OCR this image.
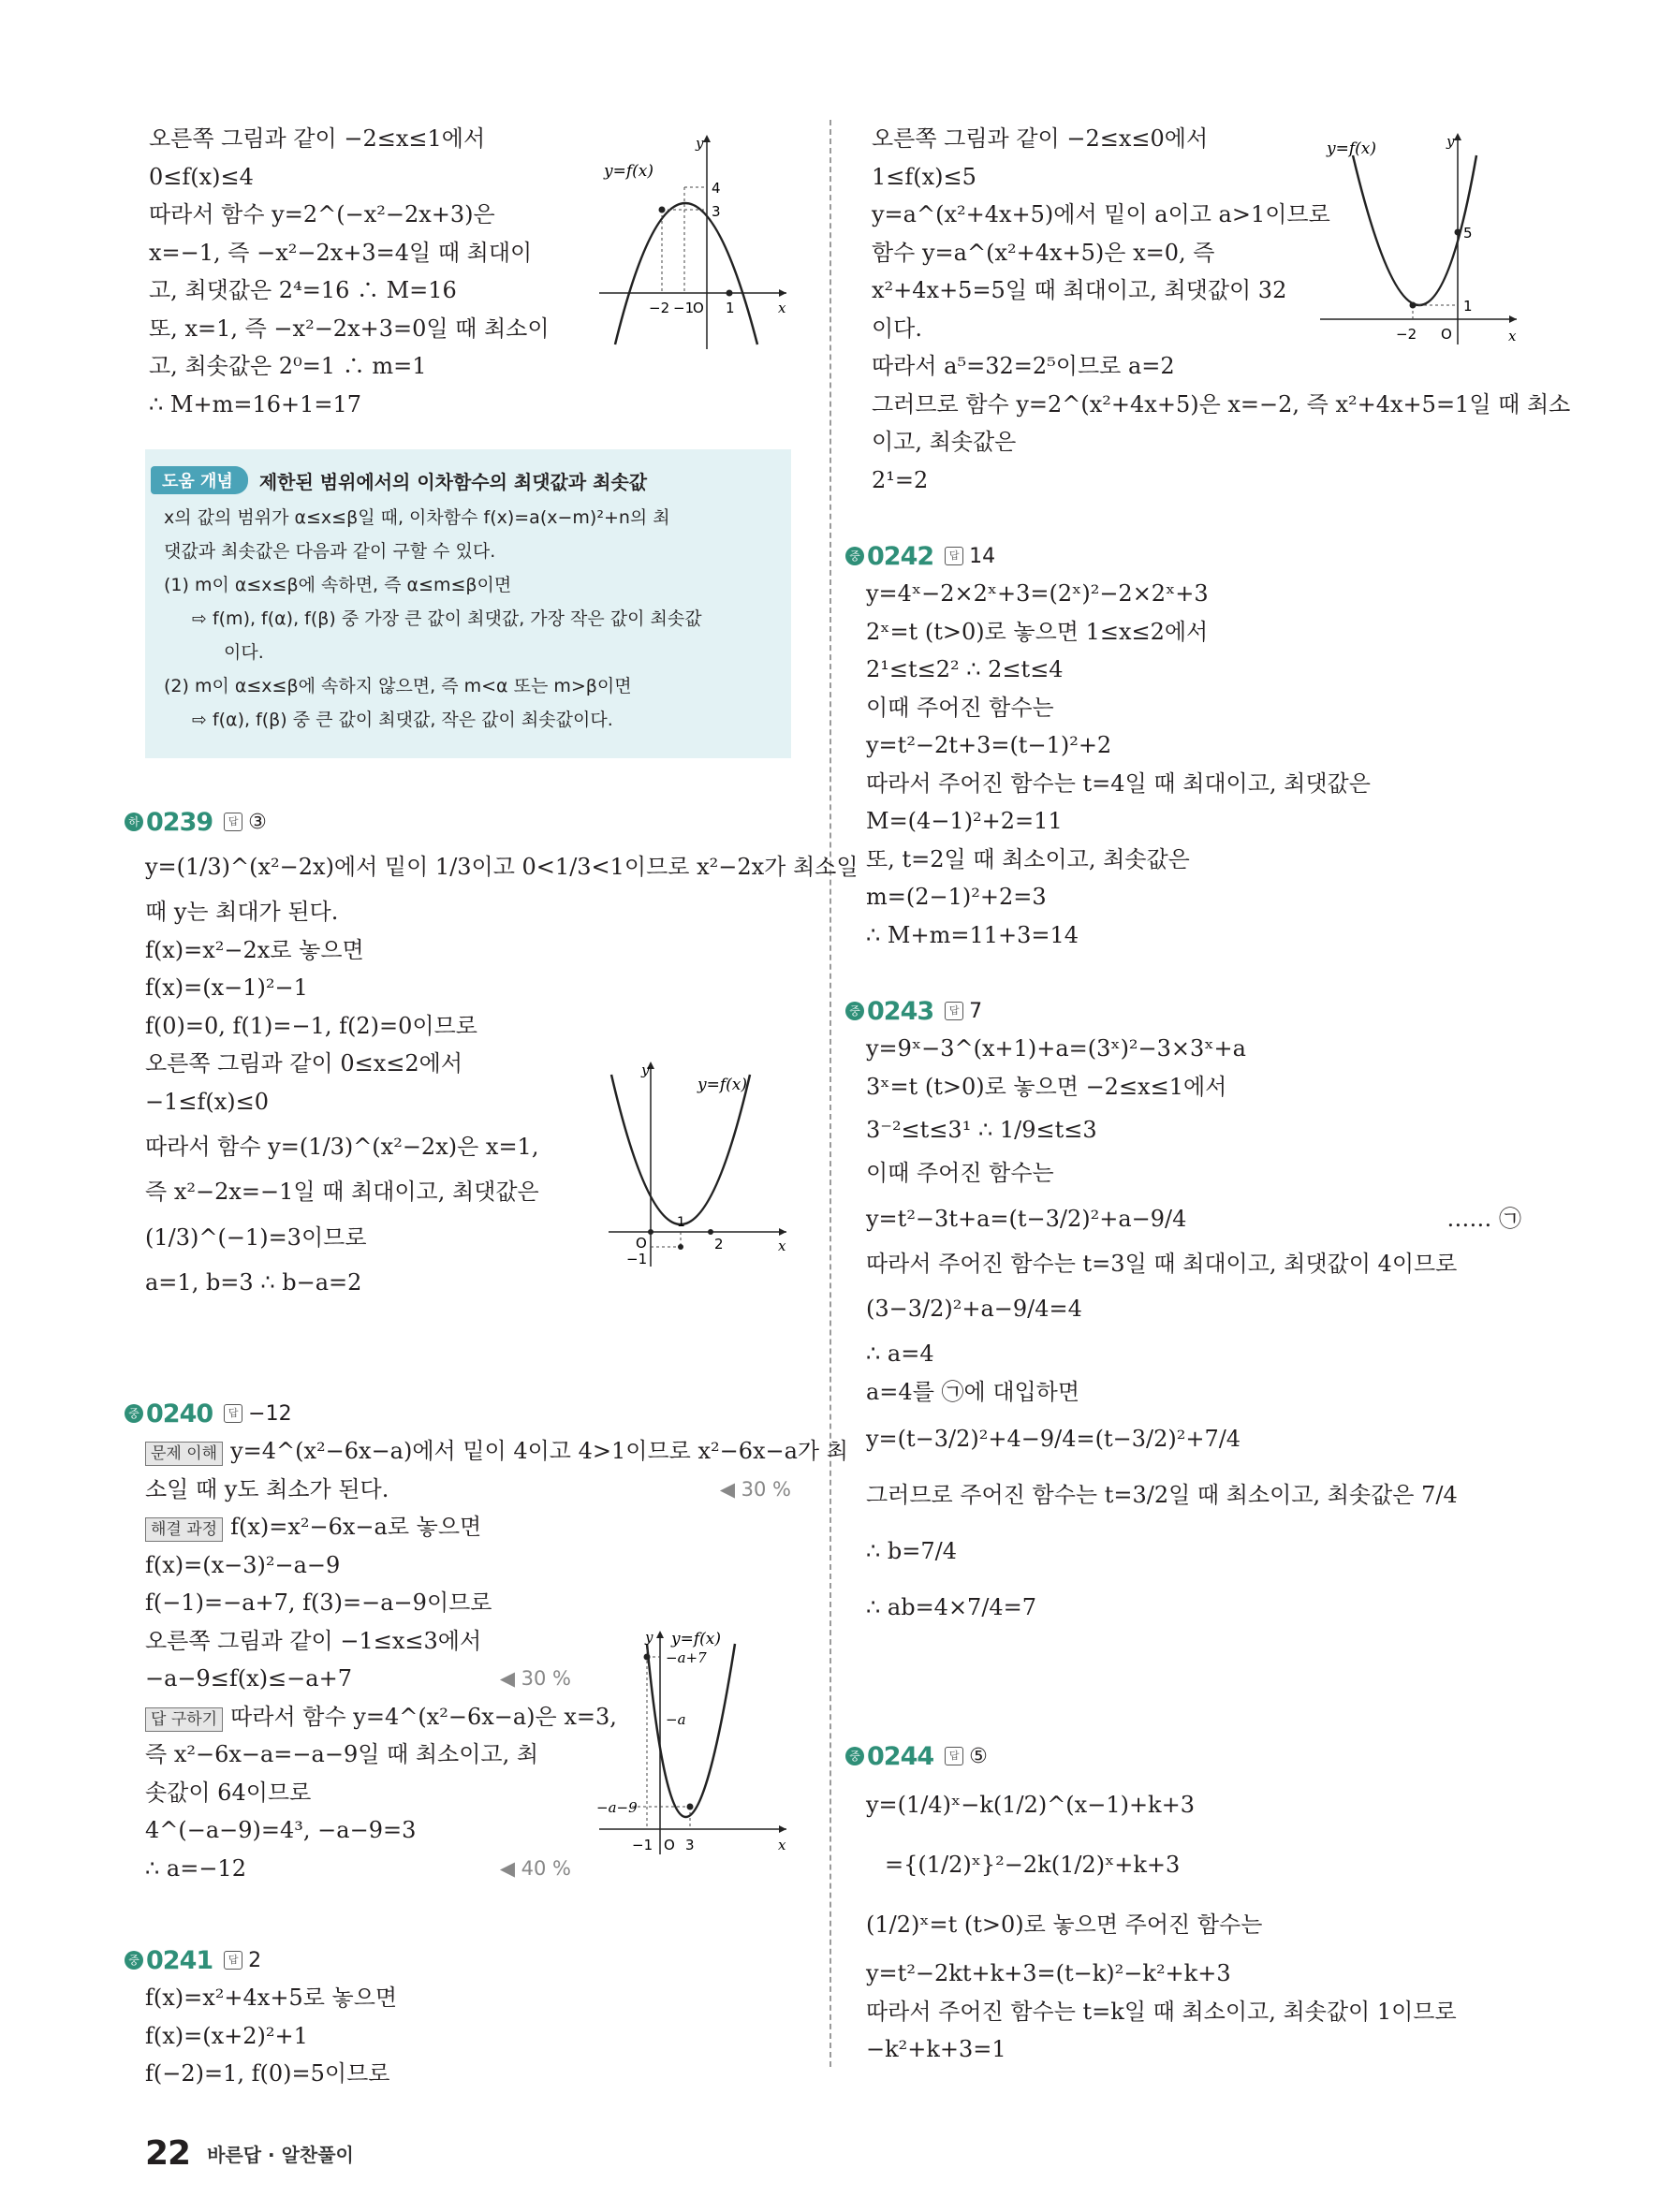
오른쪽 그림과 같이 −2≤x≤1에서
0≤f(x)≤4
따라서 함수 y=2^(−x²−2x+3)은
x=−1, 즉 −x²−2x+3=4일 때 최대이
고, 최댓값은 2⁴=16 ∴ M=16
또, x=1, 즉 −x²−2x+3=0일 때 최소이
고, 최솟값은 2⁰=1 ∴ m=1
∴ M+m=16+1=17
y=f(x)
y
x
4
3
−2 −1
O 1
도움 개념	제한된 범위에서의 이차함수의 최댓값과 최솟값
x의 값의 범위가 α≤x≤β일 때, 이차함수 f(x)=a(x−m)²+n의 최
댓값과 최솟값은 다음과 같이 구할 수 있다.
(1) m이 α≤x≤β에 속하면, 즉 α≤m≤β이면
⇨ f(m), f(α), f(β) 중 가장 큰 값이 최댓값, 가장 작은 값이 최솟값
이다.
(2) m이 α≤x≤β에 속하지 않으면, 즉 m<α 또는 m>β이면
⇨ f(α), f(β) 중 큰 값이 최댓값, 작은 값이 최솟값이다.
하 0239	답 ③
y=(1/3)^(x²−2x)에서 밑이 1/3이고 0<1/3<1이므로 x²−2x가 최소일
때 y는 최대가 된다.
f(x)=x²−2x로 놓으면
f(x)=(x−1)²−1
f(0)=0, f(1)=−1, f(2)=0이므로
오른쪽 그림과 같이 0≤x≤2에서
−1≤f(x)≤0
따라서 함수 y=(1/3)^(x²−2x)은 x=1,
즉 x²−2x=−1일 때 최대이고, 최댓값은
(1/3)^(−1)=3이므로
a=1, b=3 ∴ b−a=2
y=f(x)
y
x
O
1
2
−1
중 0240	답 −12
문제 이해 y=4^(x²−6x−a)에서 밑이 4이고 4>1이므로 x²−6x−a가 최
소일 때 y도 최소가 된다.	◀ 30 %
해결 과정 f(x)=x²−6x−a로 놓으면
f(x)=(x−3)²−a−9
f(−1)=−a+7, f(3)=−a−9이므로
오른쪽 그림과 같이 −1≤x≤3에서
−a−9≤f(x)≤−a+7	◀ 30 %
답 구하기 따라서 함수 y=4^(x²−6x−a)은 x=3,
즉 x²−6x−a=−a−9일 때 최소이고, 최
솟값이 64이므로
4^(−a−9)=4³, −a−9=3
∴ a=−12	◀ 40 %
y=f(x)
y
x
−a+7
−a
−a−9
−1 O 3
중 0241	답 2
f(x)=x²+4x+5로 놓으면
f(x)=(x+2)²+1
f(−2)=1, f(0)=5이므로
오른쪽 그림과 같이 −2≤x≤0에서
1≤f(x)≤5
y=a^(x²+4x+5)에서 밑이 a이고 a>1이므로
함수 y=a^(x²+4x+5)은 x=0, 즉
x²+4x+5=5일 때 최대이고, 최댓값이 32
이다.
따라서 a⁵=32=2⁵이므로 a=2
그러므로 함수 y=2^(x²+4x+5)은 x=−2, 즉 x²+4x+5=1일 때 최소
이고, 최솟값은
2¹=2
y=f(x)	y
x
5
1
−2 O
중 0242	답 14
y=4ˣ−2×2ˣ+3=(2ˣ)²−2×2ˣ+3
2ˣ=t (t>0)로 놓으면 1≤x≤2에서
2¹≤t≤2² ∴ 2≤t≤4
이때 주어진 함수는
y=t²−2t+3=(t−1)²+2
따라서 주어진 함수는 t=4일 때 최대이고, 최댓값은
M=(4−1)²+2=11
또, t=2일 때 최소이고, 최솟값은
m=(2−1)²+2=3
∴ M+m=11+3=14
중 0243	답 7
y=9ˣ−3^(x+1)+a=(3ˣ)²−3×3ˣ+a
3ˣ=t (t>0)로 놓으면 −2≤x≤1에서
3⁻²≤t≤3¹ ∴ 1/9≤t≤3
이때 주어진 함수는
y=t²−3t+a=(t−3/2)²+a−9/4	…… ㉠
따라서 주어진 함수는 t=3일 때 최대이고, 최댓값이 4이므로
(3−3/2)²+a−9/4=4
∴ a=4
a=4를 ㉠에 대입하면
y=(t−3/2)²+4−9/4=(t−3/2)²+7/4
그러므로 주어진 함수는 t=3/2일 때 최소이고, 최솟값은 7/4
∴ b=7/4
∴ ab=4×7/4=7
중 0244	답 ⑤
y=(1/4)ˣ−k(1/2)^(x−1)+k+3
={(1/2)ˣ}²−2k(1/2)ˣ+k+3
(1/2)ˣ=t (t>0)로 놓으면 주어진 함수는
y=t²−2kt+k+3=(t−k)²−k²+k+3
따라서 주어진 함수는 t=k일 때 최소이고, 최솟값이 1이므로
−k²+k+3=1
22 바른답 · 알찬풀이
